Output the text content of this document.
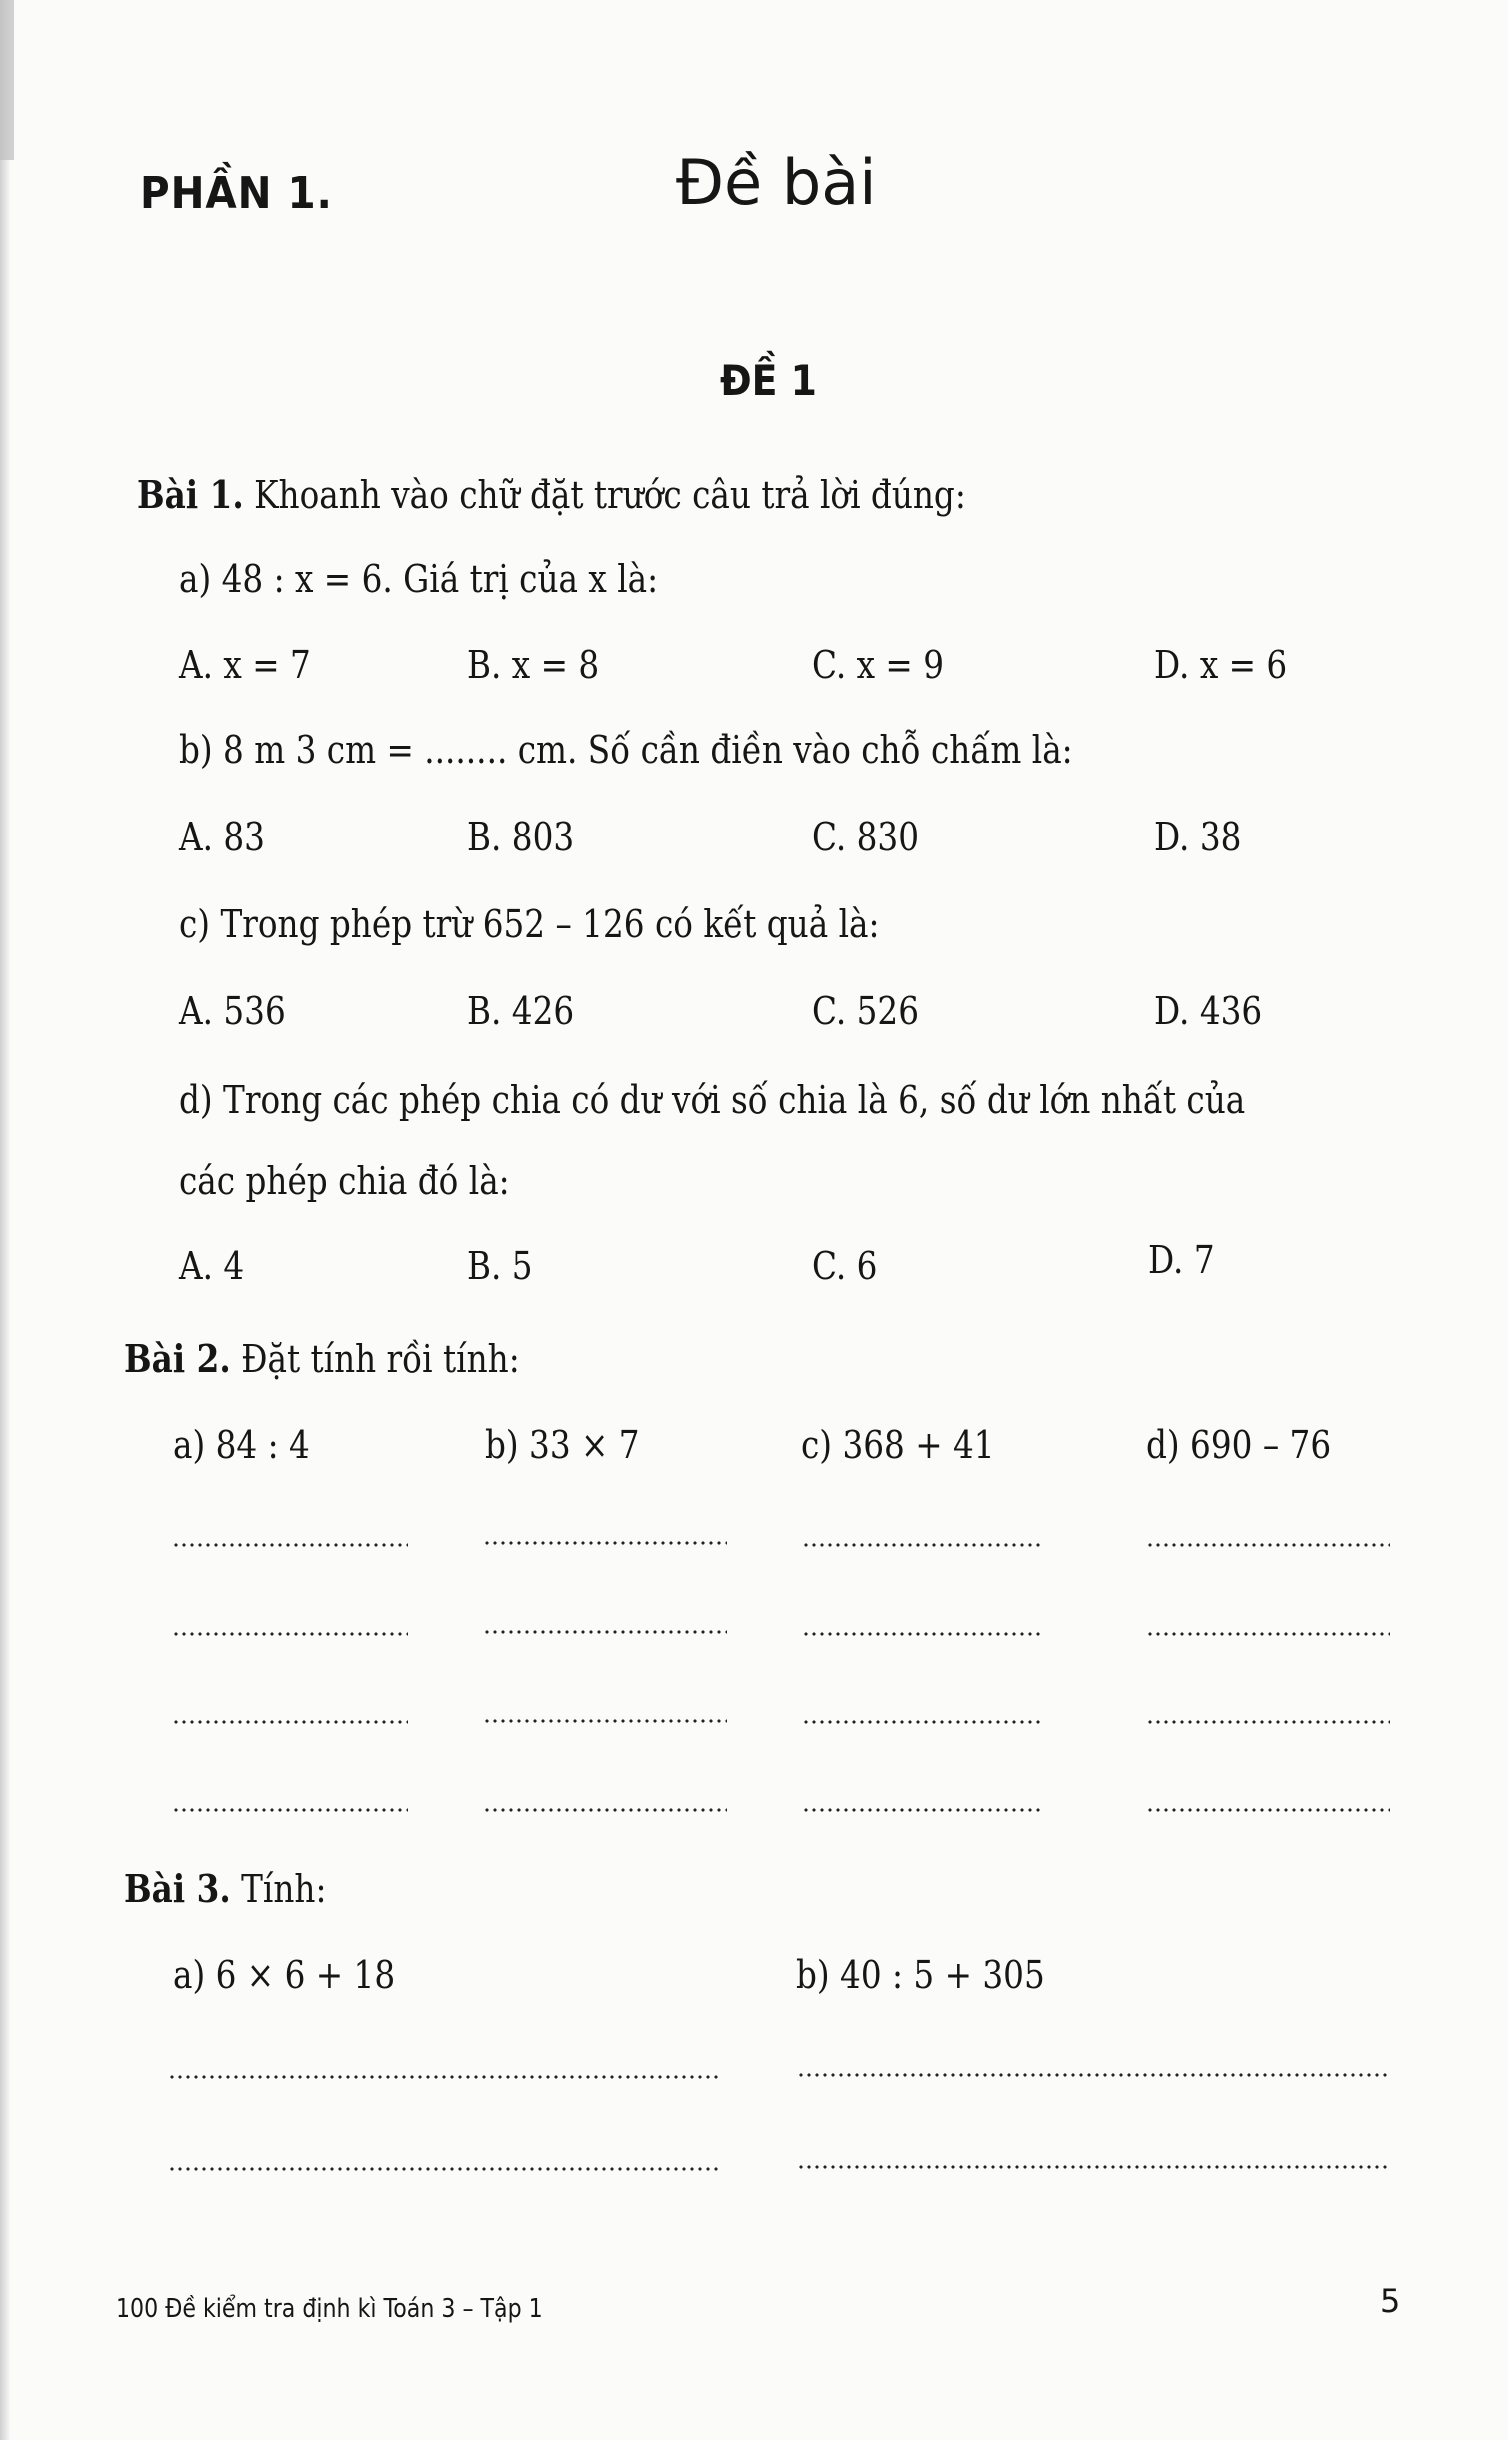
PHẦN 1.	Đề bài
ĐỀ 1
Bài 1. Khoanh vào chữ đặt trước câu trả lời đúng:
a) 48 : x = 6. Giá trị của x là:
A. x = 7	B. x = 8	C. x = 9	D. x = 6
b) 8 m 3 cm = ........ cm. Số cần điền vào chỗ chấm là:
A. 83	B. 803	C. 830	D. 38
c) Trong phép trừ 652 – 126 có kết quả là:
A. 536	B. 426	C. 526	D. 436
d) Trong các phép chia có dư với số chia là 6, số dư lớn nhất của
các phép chia đó là:
A. 4	B. 5	C. 6	D. 7
Bài 2. Đặt tính rồi tính:
a) 84 : 4	b) 33 × 7	c) 368 + 41	d) 690 – 76
Bài 3. Tính:
a) 6 × 6 + 18	b) 40 : 5 + 305
100 Đề kiểm tra định kì Toán 3 – Tập 1	5
